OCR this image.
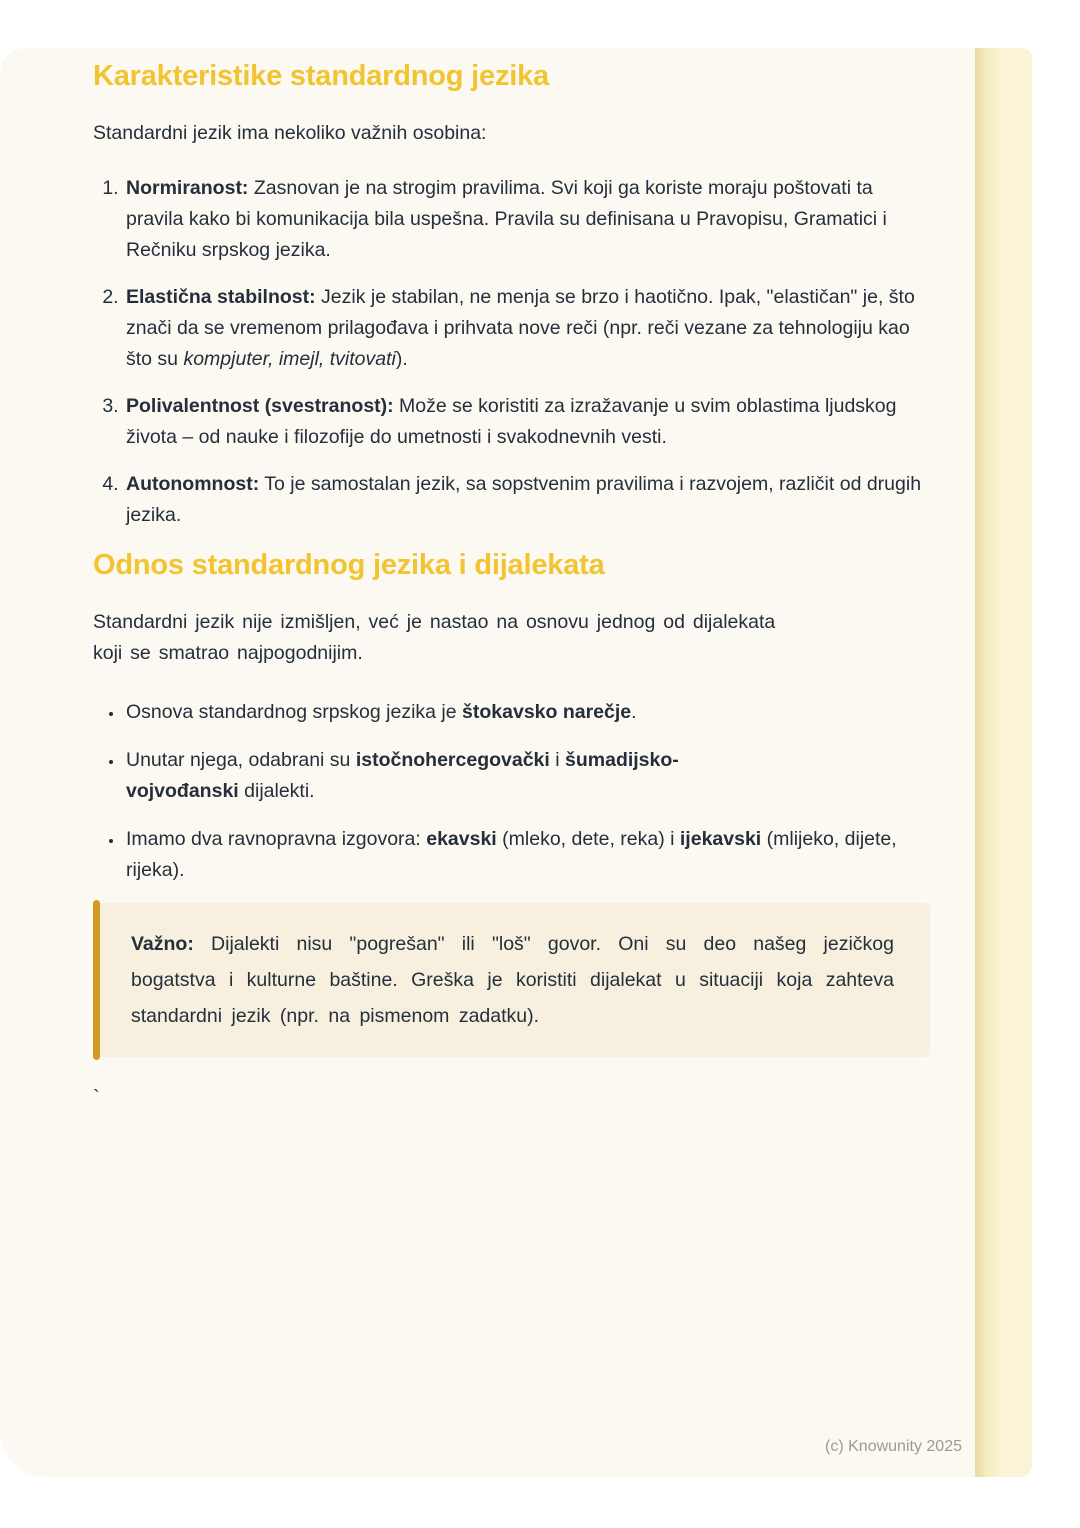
Karakteristike standardnog jezika

Standardni jezik ima nekoliko važnih osobina:

1. Normiranost: Zasnovan je na strogim pravilima. Svi koji ga koriste moraju poštovati ta pravila kako bi komunikacija bila uspešna. Pravila su definisana u Pravopisu, Gramatici i Rečniku srpskog jezika.
2. Elastična stabilnost: Jezik je stabilan, ne menja se brzo i haotično. Ipak, "elastičan" je, što znači da se vremenom prilagođava i prihvata nove reči (npr. reči vezane za tehnologiju kao što su kompjuter, imejl, tvitovati).
3. Polivalentnost (svestranost): Može se koristiti za izražavanje u svim oblastima ljudskog života – od nauke i filozofije do umetnosti i svakodnevnih vesti.
4. Autonomnost: To je samostalan jezik, sa sopstvenim pravilima i razvojem, različit od drugih jezika.
Odnos standardnog jezika i dijalekata

Standardni jezik nije izmišljen, već je nastao na osnovu jednog od dijalekata
koji se smatrao najpogodnijim.

• Osnova standardnog srpskog jezika je štokavsko narečje.
• Unutar njega, odabrani su istočnohercegovački i šumadijsko-
vojvođanski dijalekti.
• Imamo dva ravnopravna izgovora: ekavski (mleko, dete, reka) i ijekavski (mlijeko, dijete, rijeka).
Važno: Dijalekti nisu "pogrešan" ili "loš" govor. Oni su deo našeg jezičkog bogatstva i kulturne baštine. Greška je koristiti dijalekat u situaciji koja zahteva standardni jezik (npr. na pismenom zadatku).
`
(c) Knowunity 2025
